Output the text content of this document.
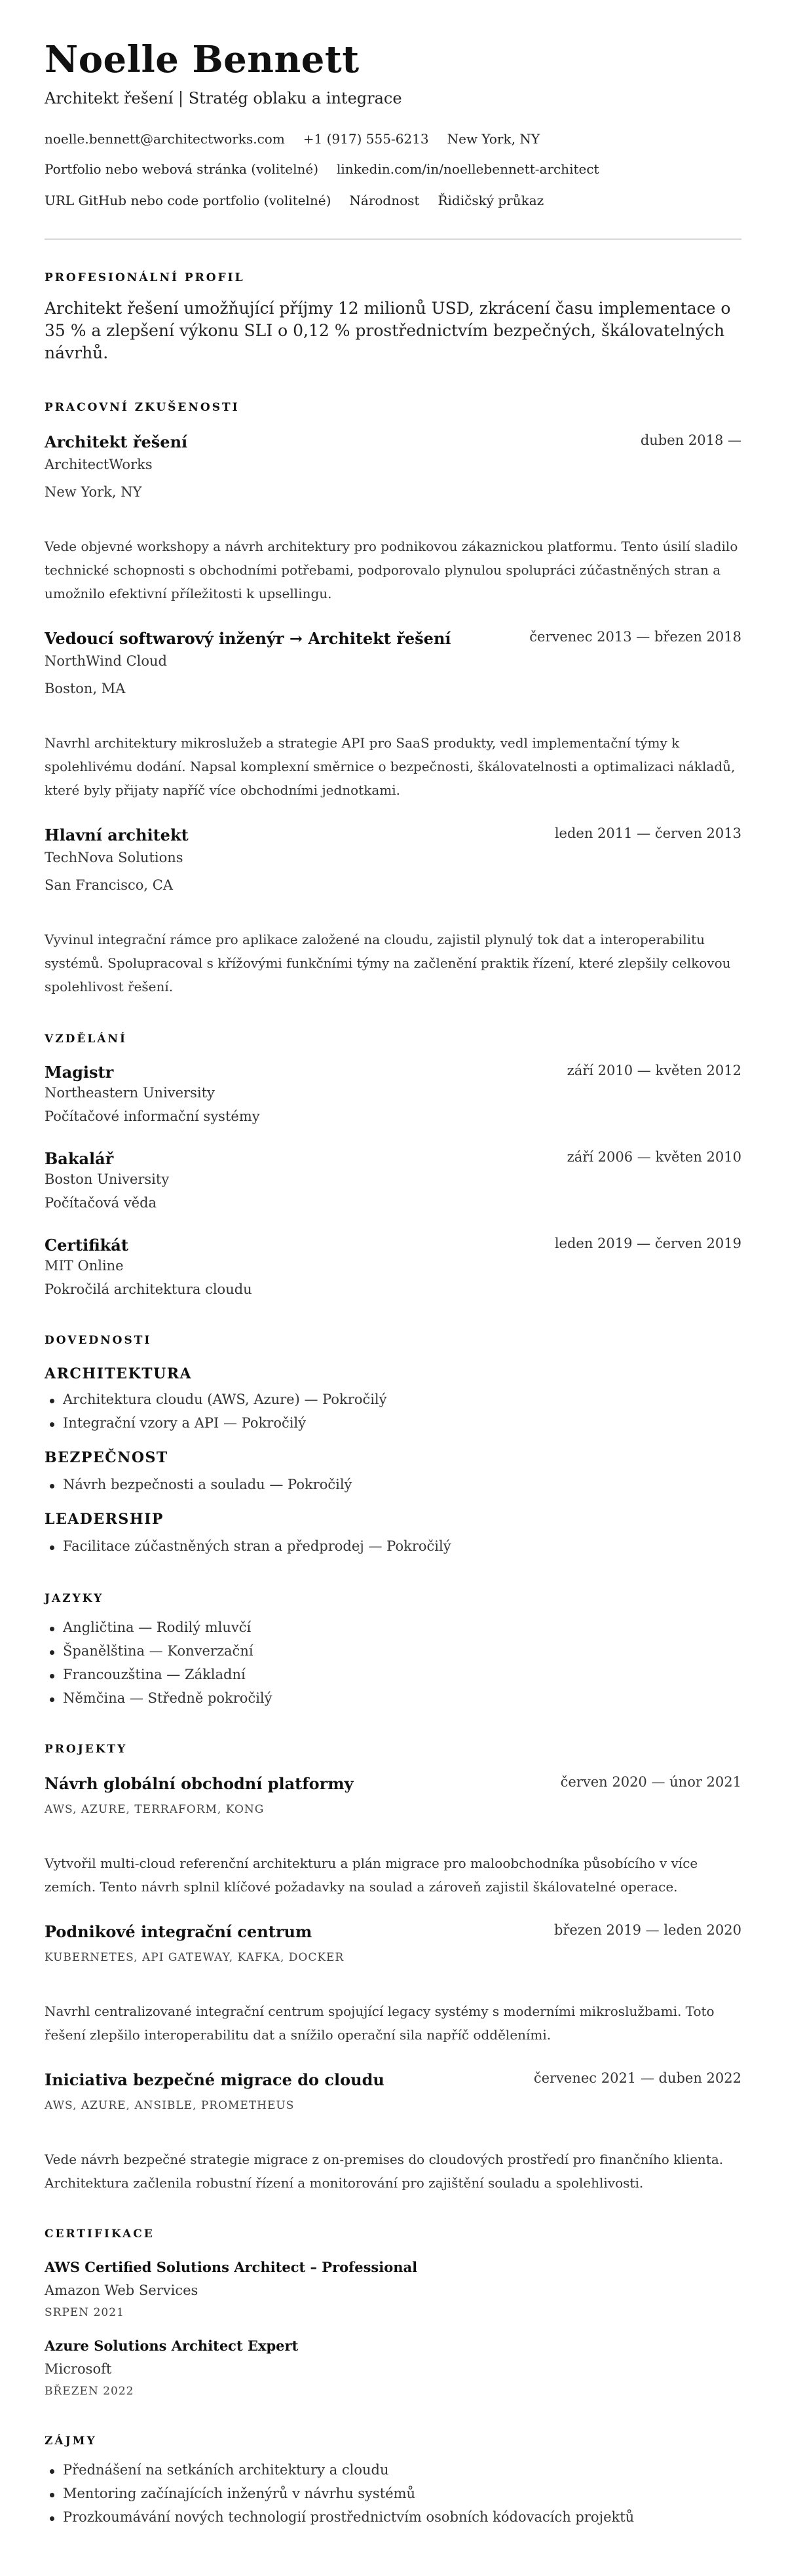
Noelle Bennett
Architekt řešení | Stratég oblaku a integrace
noelle.bennett@architectworks.com +1 (917) 555-6213 New York, NY
Portfolio nebo webová stránka (volitelné) linkedin.com/in/noellebennett-architect
URL GitHub nebo code portfolio (volitelné) Národnost Řidičský průkaz
PROFESIONÁLNÍ PROFIL
Architekt řešení umožňující příjmy 12 milionů USD, zkrácení času implementace o 35 % a zlepšení výkonu SLI o 0,12 % prostřednictvím bezpečných, škálovatelných návrhů.
PRACOVNÍ ZKUŠENOSTI
Architekt řešení	duben 2018 —
ArchitectWorks
New York, NY
Vede objevné workshopy a návrh architektury pro podnikovou zákaznickou platformu. Tento úsilí sladilo technické schopnosti s obchodními potřebami, podporovalo plynulou spolupráci zúčastněných stran a umožnilo efektivní příležitosti k upsellingu.
Vedoucí softwarový inženýr → Architekt řešení	červenec 2013 — březen 2018
NorthWind Cloud
Boston, MA
Navrhl architektury mikroslužeb a strategie API pro SaaS produkty, vedl implementační týmy k spolehlivému dodání. Napsal komplexní směrnice o bezpečnosti, škálovatelnosti a optimalizaci nákladů, které byly přijaty napříč více obchodními jednotkami.
Hlavní architekt	leden 2011 — červen 2013
TechNova Solutions
San Francisco, CA
Vyvinul integrační rámce pro aplikace založené na cloudu, zajistil plynulý tok dat a interoperabilitu systémů. Spolupracoval s křížovými funkčními týmy na začlenění praktik řízení, které zlepšily celkovou spolehlivost řešení.
VZDĚLÁNÍ
Magistr	září 2010 — květen 2012
Northeastern University
Počítačové informační systémy
Bakalář	září 2006 — květen 2010
Boston University
Počítačová věda
Certifikát	leden 2019 — červen 2019
MIT Online
Pokročilá architektura cloudu
DOVEDNOSTI
ARCHITEKTURA
Architektura cloudu (AWS, Azure) — Pokročilý
Integrační vzory a API — Pokročilý
BEZPEČNOST
Návrh bezpečnosti a souladu — Pokročilý
LEADERSHIP
Facilitace zúčastněných stran a předprodej — Pokročilý
JAZYKY
Angličtina — Rodilý mluvčí
Španělština — Konverzační
Francouzština — Základní
Němčina — Středně pokročilý
PROJEKTY
Návrh globální obchodní platformy	červen 2020 — únor 2021
AWS, AZURE, TERRAFORM, KONG
Vytvořil multi-cloud referenční architekturu a plán migrace pro maloobchodníka působícího v více zemích. Tento návrh splnil klíčové požadavky na soulad a zároveň zajistil škálovatelné operace.
Podnikové integrační centrum	březen 2019 — leden 2020
KUBERNETES, API GATEWAY, KAFKA, DOCKER
Navrhl centralizované integrační centrum spojující legacy systémy s moderními mikroslužbami. Toto řešení zlepšilo interoperabilitu dat a snížilo operační sila napříč odděleními.
Iniciativa bezpečné migrace do cloudu	červenec 2021 — duben 2022
AWS, AZURE, ANSIBLE, PROMETHEUS
Vede návrh bezpečné strategie migrace z on-premises do cloudových prostředí pro finančního klienta. Architektura začlenila robustní řízení a monitorování pro zajištění souladu a spolehlivosti.
CERTIFIKACE
AWS Certified Solutions Architect – Professional
Amazon Web Services
SRPEN 2021
Azure Solutions Architect Expert
Microsoft
BŘEZEN 2022
ZÁJMY
Přednášení na setkáních architektury a cloudu
Mentoring začínajících inženýrů v návrhu systémů
Prozkoumávání nových technologií prostřednictvím osobních kódovacích projektů
